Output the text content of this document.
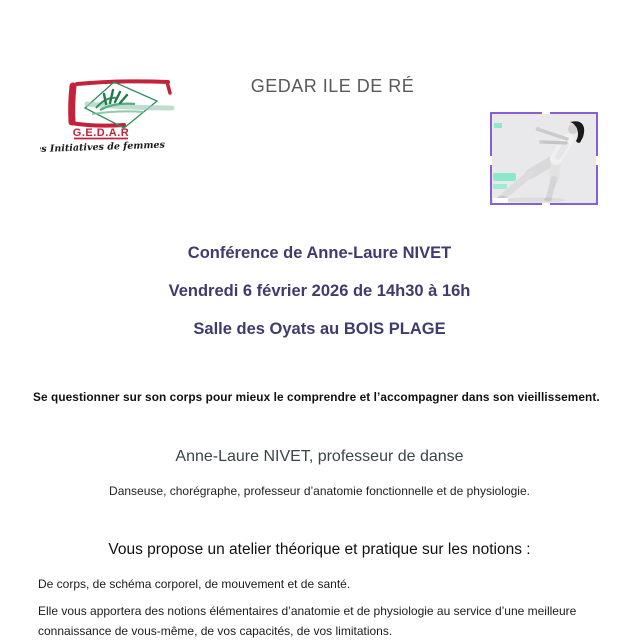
GEDAR ILE DE RÉ
G.E.D.A.R
Des Initiatives de femmes
Conférence de Anne-Laure NIVET
Vendredi 6 février 2026 de 14h30 à 16h
Salle des Oyats au BOIS PLAGE
Se questionner sur son corps pour mieux le comprendre et l’accompagner dans son vieillissement.
Anne-Laure NIVET, professeur de danse
Danseuse, chorégraphe, professeur d’anatomie fonctionnelle et de physiologie.
Vous propose un atelier théorique et pratique sur les notions :
De corps, de schéma corporel, de mouvement et de santé.
Elle vous apportera des notions élémentaires d’anatomie et de physiologie au service d’une meilleure
connaissance de vous-même, de vos capacités, de vos limitations.
